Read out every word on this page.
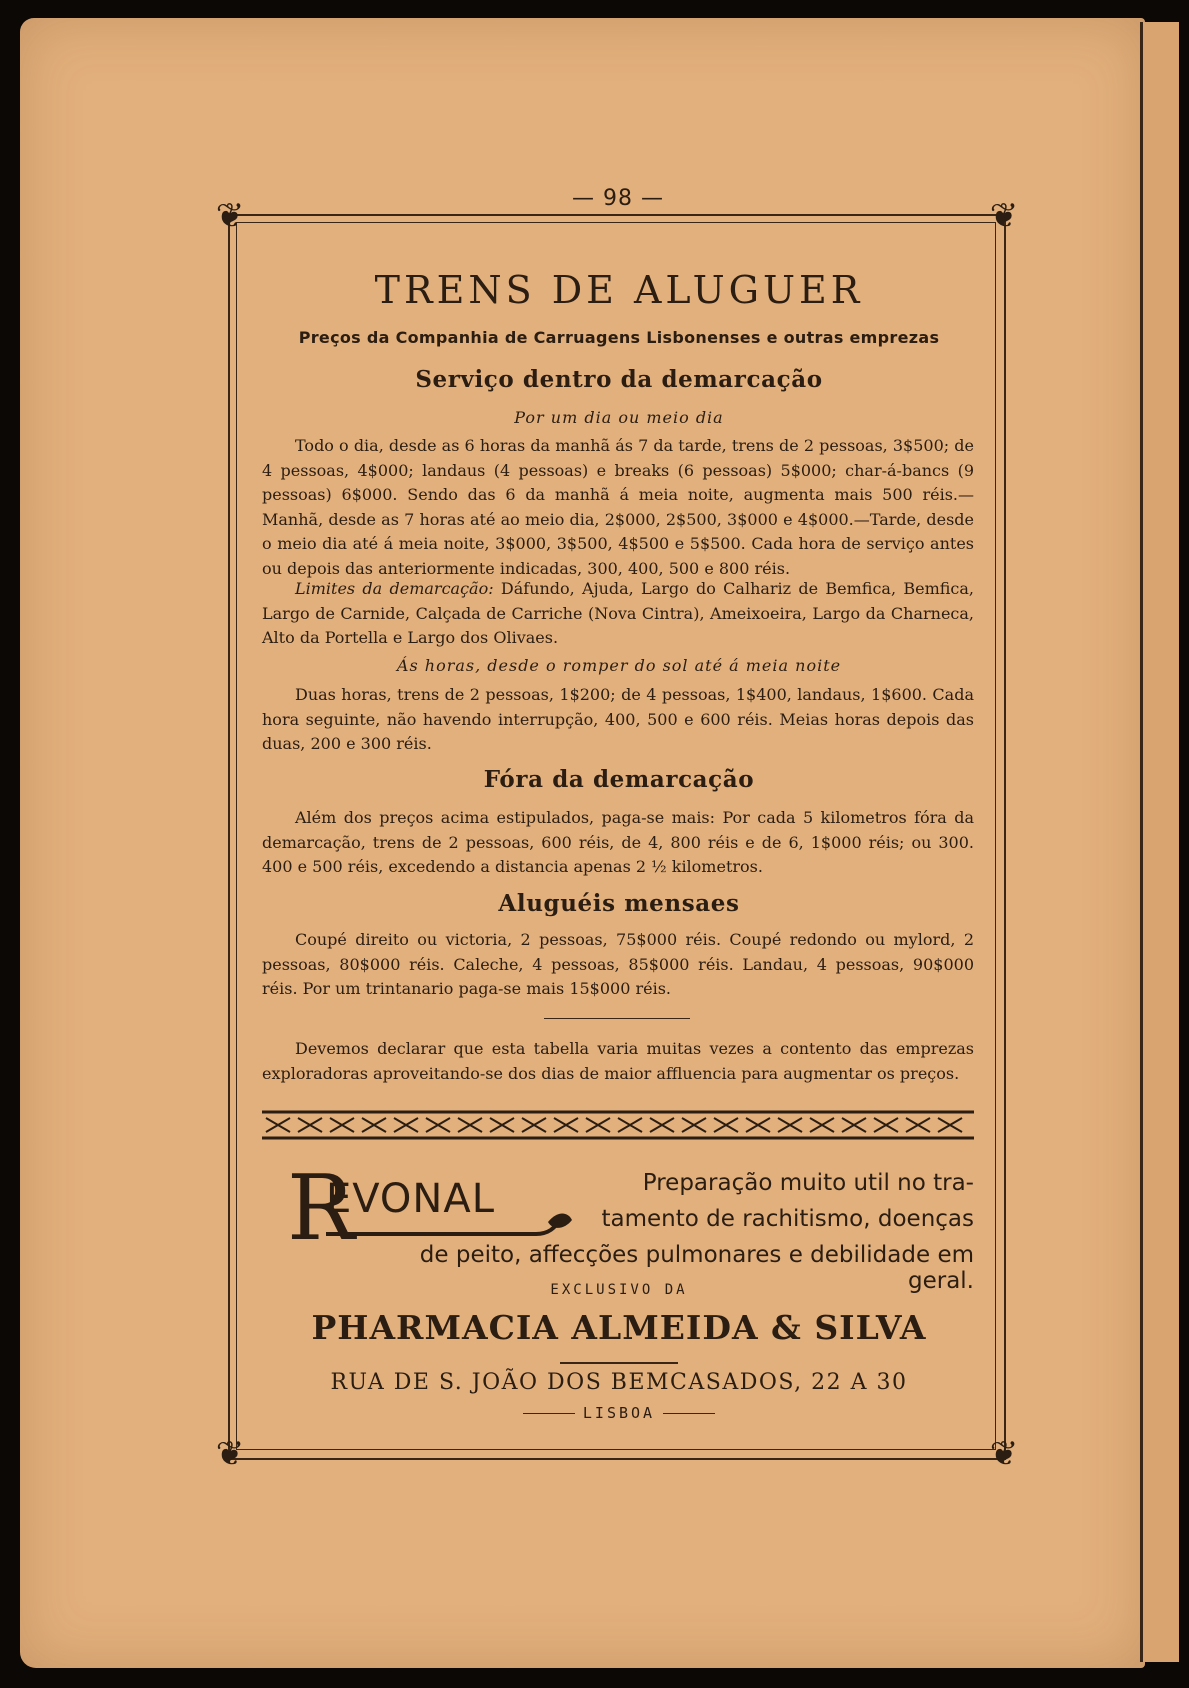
— 98 —
❦	❦
❦	❦
TRENS DE ALUGUER
Preços da Companhia de Carruagens Lisbonenses e outras emprezas
Serviço dentro da demarcação
Por um dia ou meio dia
Todo o dia, desde as 6 horas da manhã ás 7 da tarde, trens de 2 pessoas, 3$500; de 4 pessoas, 4$000; landaus (4 pessoas) e breaks (6 pessoas) 5$000; char-á-bancs (9 pessoas) 6$000. Sendo das 6 da manhã á meia noite, augmenta mais 500 réis.—Manhã, desde as 7 horas até ao meio dia, 2$000, 2$500, 3$000 e 4$000.—Tarde, desde o meio dia até á meia noite, 3$000, 3$500, 4$500 e 5$500. Cada hora de serviço antes ou depois das anteriormente indicadas, 300, 400, 500 e 800 réis.
Limites da demarcação: Dáfundo, Ajuda, Largo do Calhariz de Bemfica, Bemfica, Largo de Carnide, Calçada de Carriche (Nova Cintra), Ameixoeira, Largo da Charneca, Alto da Portella e Largo dos Olivaes.
Ás horas, desde o romper do sol até á meia noite
Duas horas, trens de 2 pessoas, 1$200; de 4 pessoas, 1$400, landaus, 1$600. Cada hora seguinte, não havendo interrupção, 400, 500 e 600 réis. Meias horas depois das duas, 200 e 300 réis.
Fóra da demarcação
Além dos preços acima estipulados, paga-se mais: Por cada 5 kilometros fóra da demarcação, trens de 2 pessoas, 600 réis, de 4, 800 réis e de 6, 1$000 réis; ou 300. 400 e 500 réis, excedendo a distancia apenas 2 ½ kilometros.
Aluguéis mensaes
Coupé direito ou victoria, 2 pessoas, 75$000 réis. Coupé redondo ou mylord, 2 pessoas, 80$000 réis. Caleche, 4 pessoas, 85$000 réis. Landau, 4 pessoas, 90$000 réis. Por um trintanario paga-se mais 15$000 réis.
Devemos declarar que esta tabella varia muitas vezes a contento das emprezas exploradoras aproveitando-se dos dias de maior affluencia para augmentar os preços.
R
EVONAL	Preparação muito util no tra-
tamento de rachitismo, doenças
de peito, affecções pulmonares e debilidade em geral.
EXCLUSIVO DA
PHARMACIA ALMEIDA & SILVA
RUA DE S. JOÃO DOS BEMCASADOS, 22 A 30
LISBOA
